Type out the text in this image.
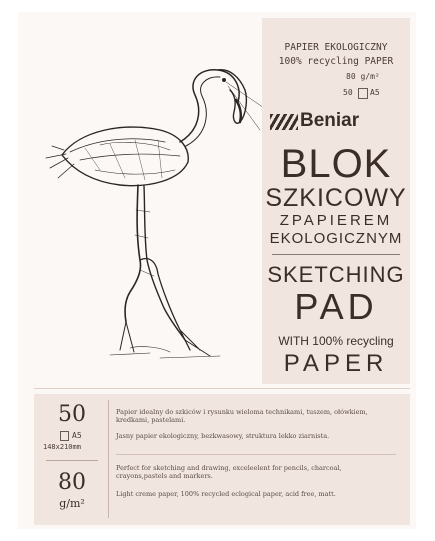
PAPIER EKOLOGICZNY
100% recycling PAPER
80 g/m²
50 A5
Beniar
BLOK
SZKICOWY
ZPAPIEREM
EKOLOGICZNYM
SKETCHING
PAD
WITH 100% recycling
PAPER
50
A5
148x210mm
80
g/m²
Papier idealny do szkiców i rysunku wieloma technikami, tuszem, ołówkiem, kredkami, pastelami.
Jasny papier ekologiczny, bezkwasowy, struktura lekko ziarnista.
Perfect for sketching and drawing, exceleelent for pencils, charcoal, crayons,pastels and markers.
Light creme paper, 100% recycled eclogical paper, acid free, matt.
